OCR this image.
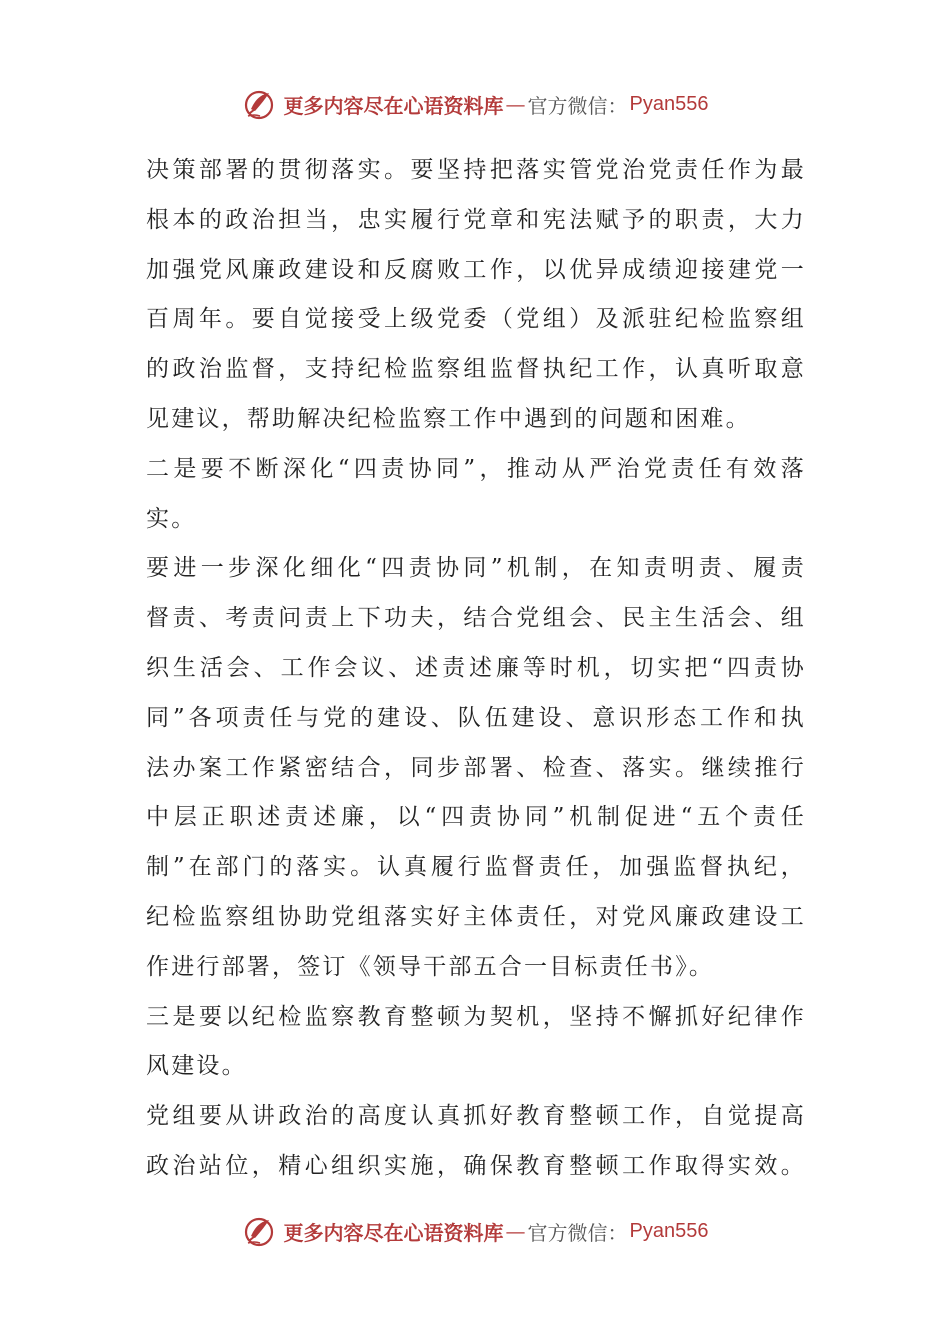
更多内容尽在心语资料库 — 官方微信： Pyan556
决策部署的贯彻落实。要坚持把落实管党治党责任作为最
根本的政治担当，忠实履行党章和宪法赋予的职责，大力
加强党风廉政建设和反腐败工作，以优异成绩迎接建党一
百周年。要自觉接受上级党委（党组）及派驻纪检监察组
的政治监督，支持纪检监察组监督执纪工作，认真听取意
见建议，帮助解决纪检监察工作中遇到的问题和困难。
二是要不断深化“四责协同”，推动从严治党责任有效落
实。
要进一步深化细化“四责协同”机制，在知责明责、履责
督责、考责问责上下功夫，结合党组会、民主生活会、组
织生活会、工作会议、述责述廉等时机，切实把“四责协
同”各项责任与党的建设、队伍建设、意识形态工作和执
法办案工作紧密结合，同步部署、检查、落实。继续推行
中层正职述责述廉，以“四责协同”机制促进“五个责任
制”在部门的落实。认真履行监督责任，加强监督执纪，
纪检监察组协助党组落实好主体责任，对党风廉政建设工
作进行部署，签订《领导干部五合一目标责任书》。
三是要以纪检监察教育整顿为契机，坚持不懈抓好纪律作
风建设。
党组要从讲政治的高度认真抓好教育整顿工作，自觉提高
政治站位，精心组织实施，确保教育整顿工作取得实效。
更多内容尽在心语资料库 — 官方微信： Pyan556
